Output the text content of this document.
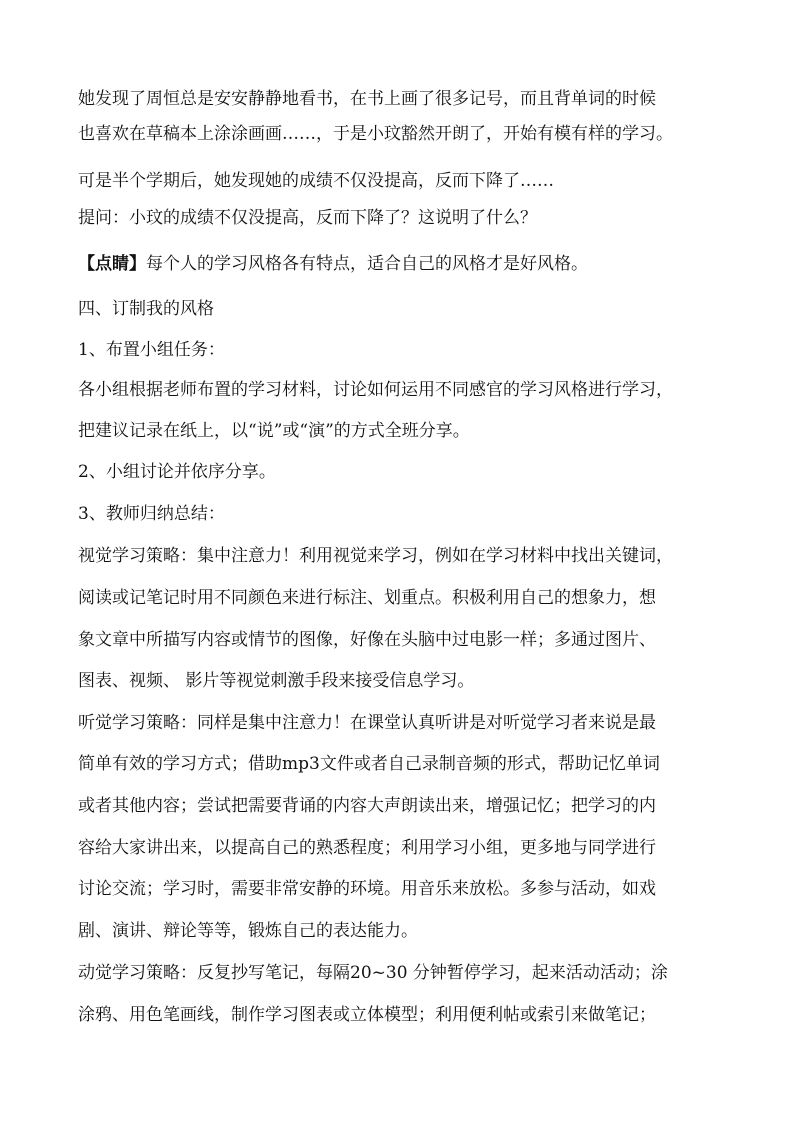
她发现了周恒总是安安静静地看书，在书上画了很多记号，而且背单词的时候
也喜欢在草稿本上涂涂画画……，于是小玟豁然开朗了，开始有模有样的学习。
可是半个学期后，她发现她的成绩不仅没提高，反而下降了……
提问：小玟的成绩不仅没提高，反而下降了？这说明了什么？
【点睛】每个人的学习风格各有特点，适合自己的风格才是好风格。
四、订制我的风格
1、布置小组任务：
各小组根据老师布置的学习材料，讨论如何运用不同感官的学习风格进行学习，
把建议记录在纸上，以“说”或“演”的方式全班分享。
2、小组讨论并依序分享。
3、教师归纳总结：
视觉学习策略：集中注意力！利用视觉来学习，例如在学习材料中找出关键词，
阅读或记笔记时用不同颜色来进行标注、划重点。积极利用自己的想象力，想
象文章中所描写内容或情节的图像，好像在头脑中过电影一样；多通过图片、
图表、视频、 影片等视觉刺激手段来接受信息学习。
听觉学习策略：同样是集中注意力！在课堂认真听讲是对听觉学习者来说是最
简单有效的学习方式；借助mp3文件或者自己录制音频的形式，帮助记忆单词
或者其他内容；尝试把需要背诵的内容大声朗读出来，增强记忆；把学习的内
容给大家讲出来，以提高自己的熟悉程度；利用学习小组，更多地与同学进行
讨论交流；学习时，需要非常安静的环境。用音乐来放松。多参与活动，如戏
剧、演讲、辩论等等，锻炼自己的表达能力。
动觉学习策略：反复抄写笔记，每隔20~30 分钟暂停学习，起来活动活动；涂
涂鸦、用色笔画线，制作学习图表或立体模型；利用便利帖或索引来做笔记；
